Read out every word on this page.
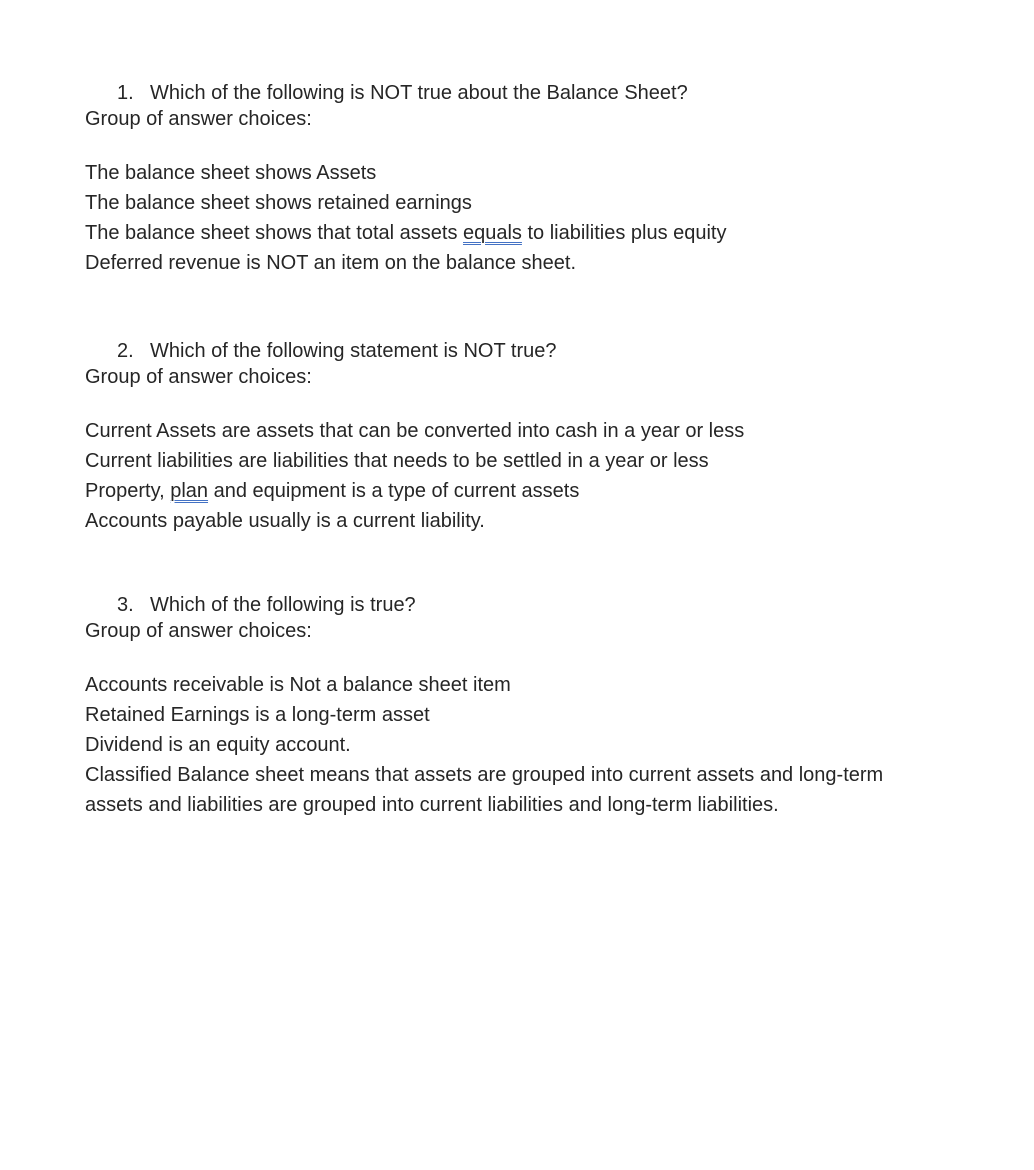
1. Which of the following is NOT true about the Balance Sheet?
Group of answer choices:
The balance sheet shows Assets
The balance sheet shows retained earnings
The balance sheet shows that total assets equals to liabilities plus equity
Deferred revenue is NOT an item on the balance sheet.
2. Which of the following statement is NOT true?
Group of answer choices:
Current Assets are assets that can be converted into cash in a year or less
Current liabilities are liabilities that needs to be settled in a year or less
Property, plan and equipment is a type of current assets
Accounts payable usually is a current liability.
3. Which of the following is true?
Group of answer choices:
Accounts receivable is Not a balance sheet item
Retained Earnings is a long-term asset
Dividend is an equity account.
Classified Balance sheet means that assets are grouped into current assets and long-term assets and liabilities are grouped into current liabilities and long-term liabilities.
